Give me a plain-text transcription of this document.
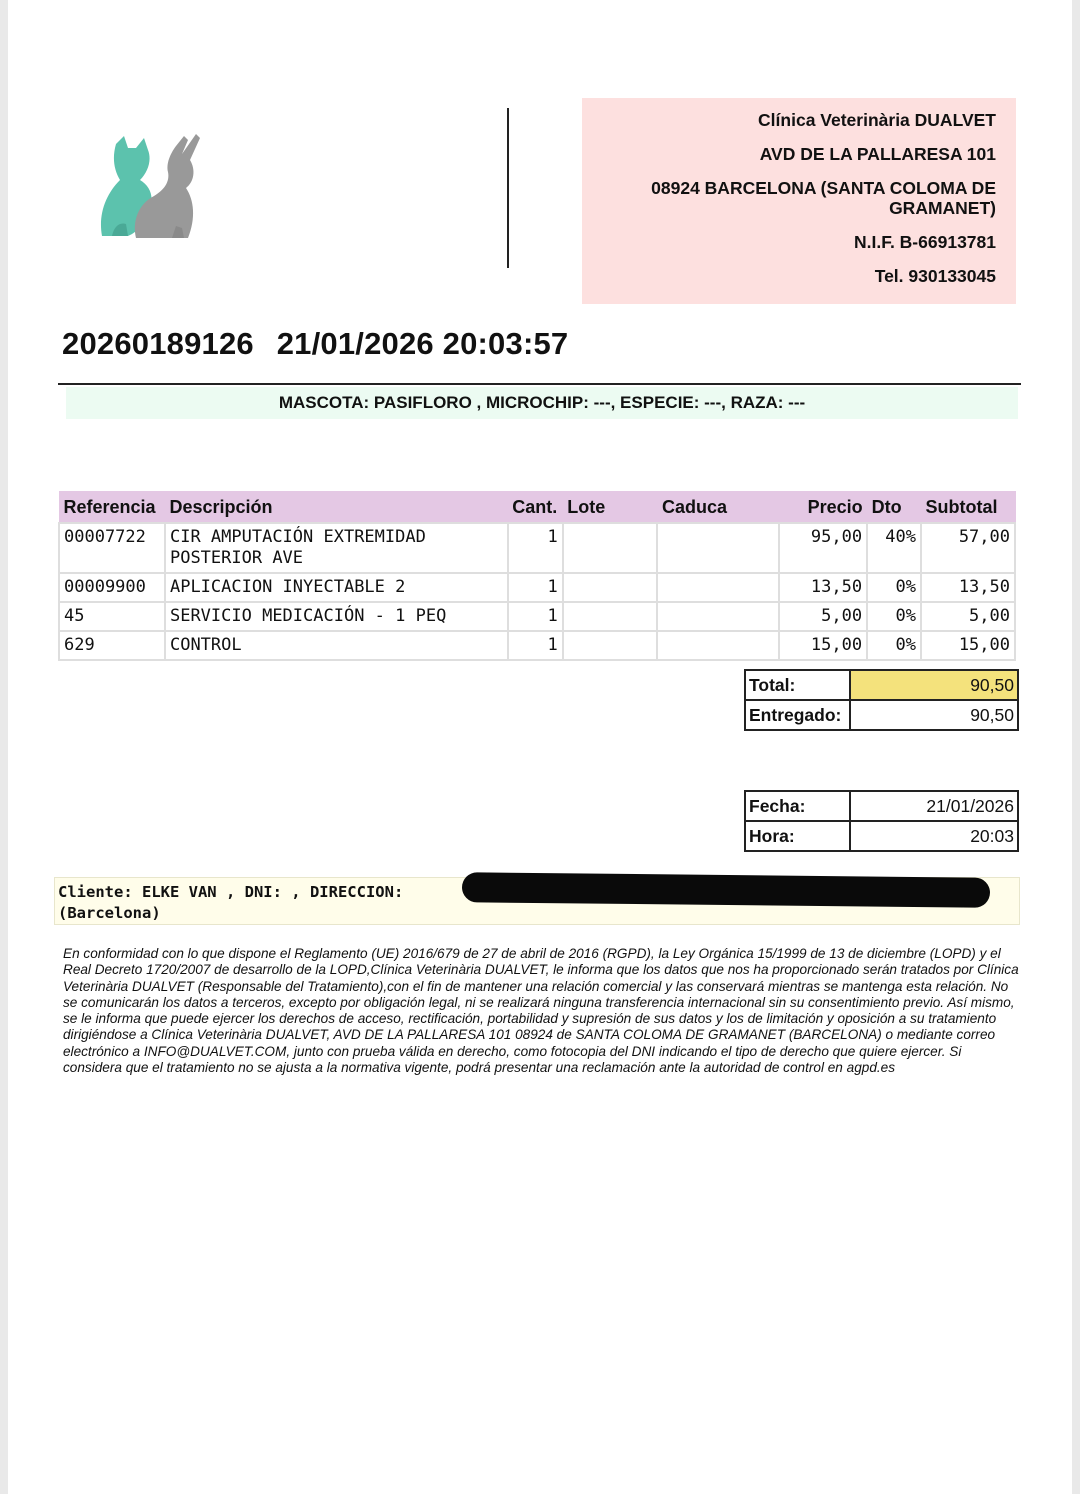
Clínica Veterinària DUALVET
AVD DE LA PALLARESA 101
08924 BARCELONA (SANTA COLOMA DE
GRAMANET)
N.I.F. B-66913781
Tel. 930133045
20260189126 21/01/2026 20:03:57
MASCOTA: PASIFLORO , MICROCHIP: ---, ESPECIE: ---, RAZA: ---
Referencia	Descripción	Cant.	Lote	Caduca	Precio	Dto	Subtotal
00007722	CIR AMPUTACIÓN EXTREMIDAD
POSTERIOR AVE	1			95,00	40%	57,00
00009900	APLICACION INYECTABLE 2	1			13,50	0%	13,50
45	SERVICIO MEDICACIÓN - 1 PEQ	1			5,00	0%	5,00
629	CONTROL	1			15,00	0%	15,00
Total:	90,50
Entregado:	90,50
Fecha:	21/01/2026
Hora:	20:03
Cliente: ELKE VAN , DNI: , DIRECCION:
(Barcelona)
En conformidad con lo que dispone el Reglamento (UE) 2016/679 de 27 de abril de 2016 (RGPD), la Ley Orgánica 15/1999 de 13 de diciembre (LOPD) y el Real Decreto 1720/2007 de desarrollo de la LOPD,Clínica Veterinària DUALVET, le informa que los datos que nos ha proporcionado serán tratados por Clínica Veterinària DUALVET (Responsable del Tratamiento),con el fin de mantener una relación comercial y las conservará mientras se mantenga esta relación. No se comunicarán los datos a terceros, excepto por obligación legal, ni se realizará ninguna transferencia internacional sin su consentimiento previo. Así mismo, se le informa que puede ejercer los derechos de acceso, rectificación, portabilidad y supresión de sus datos y los de limitación y oposición a su tratamiento dirigiéndose a Clínica Veterinària DUALVET, AVD DE LA PALLARESA 101 08924 de SANTA COLOMA DE GRAMANET (BARCELONA) o mediante correo electrónico a INFO@DUALVET.COM, junto con prueba válida en derecho, como fotocopia del DNI indicando el tipo de derecho que quiere ejercer. Si considera que el tratamiento no se ajusta a la normativa vigente, podrá presentar una reclamación ante la autoridad de control en agpd.es
